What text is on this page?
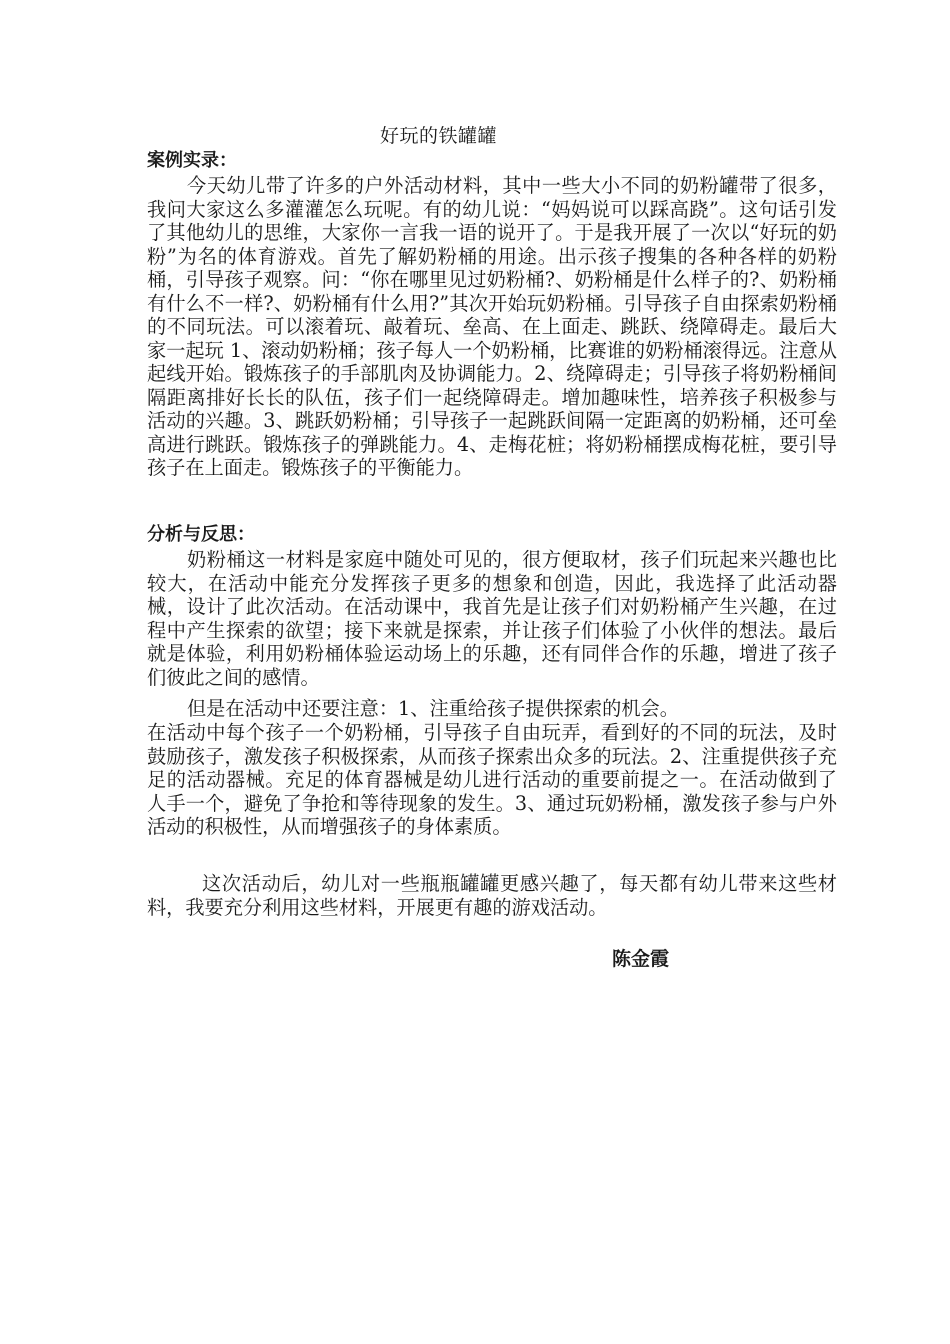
好玩的铁罐罐
案例实录：
今天幼儿带了许多的户外活动材料，其中一些大小不同的奶粉罐带了很多，我问大家这么多灌灌怎么玩呢。有的幼儿说：“妈妈说可以踩高跷”。这句话引发了其他幼儿的思维，大家你一言我一语的说开了。于是我开展了一次以“好玩的奶粉”为名的体育游戏。首先了解奶粉桶的用途。出示孩子搜集的各种各样的奶粉桶，引导孩子观察。问：“你在哪里见过奶粉桶?、奶粉桶是什么样子的?、奶粉桶有什么不一样?、奶粉桶有什么用?”其次开始玩奶粉桶。引导孩子自由探索奶粉桶的不同玩法。可以滚着玩、敲着玩、垒高、在上面走、跳跃、绕障碍走。最后大家一起玩 1、滚动奶粉桶；孩子每人一个奶粉桶，比赛谁的奶粉桶滚得远。注意从起线开始。锻炼孩子的手部肌肉及协调能力。2、绕障碍走；引导孩子将奶粉桶间隔距离排好长长的队伍，孩子们一起绕障碍走。增加趣味性，培养孩子积极参与活动的兴趣。3、跳跃奶粉桶；引导孩子一起跳跃间隔一定距离的奶粉桶，还可垒高进行跳跃。锻炼孩子的弹跳能力。4、走梅花桩；将奶粉桶摆成梅花桩，要引导孩子在上面走。锻炼孩子的平衡能力。
分析与反思：
奶粉桶这一材料是家庭中随处可见的，很方便取材，孩子们玩起来兴趣也比较大，在活动中能充分发挥孩子更多的想象和创造，因此，我选择了此活动器械，设计了此次活动。在活动课中，我首先是让孩子们对奶粉桶产生兴趣，在过程中产生探索的欲望；接下来就是探索，并让孩子们体验了小伙伴的想法。最后就是体验，利用奶粉桶体验运动场上的乐趣，还有同伴合作的乐趣，增进了孩子们彼此之间的感情。
但是在活动中还要注意：1、注重给孩子提供探索的机会。
在活动中每个孩子一个奶粉桶，引导孩子自由玩弄，看到好的不同的玩法，及时鼓励孩子，激发孩子积极探索，从而孩子探索出众多的玩法。2、注重提供孩子充足的活动器械。充足的体育器械是幼儿进行活动的重要前提之一。在活动做到了人手一个，避免了争抢和等待现象的发生。3、通过玩奶粉桶，激发孩子参与户外活动的积极性，从而增强孩子的身体素质。
这次活动后，幼儿对一些瓶瓶罐罐更感兴趣了，每天都有幼儿带来这些材料，我要充分利用这些材料，开展更有趣的游戏活动。
陈金霞
